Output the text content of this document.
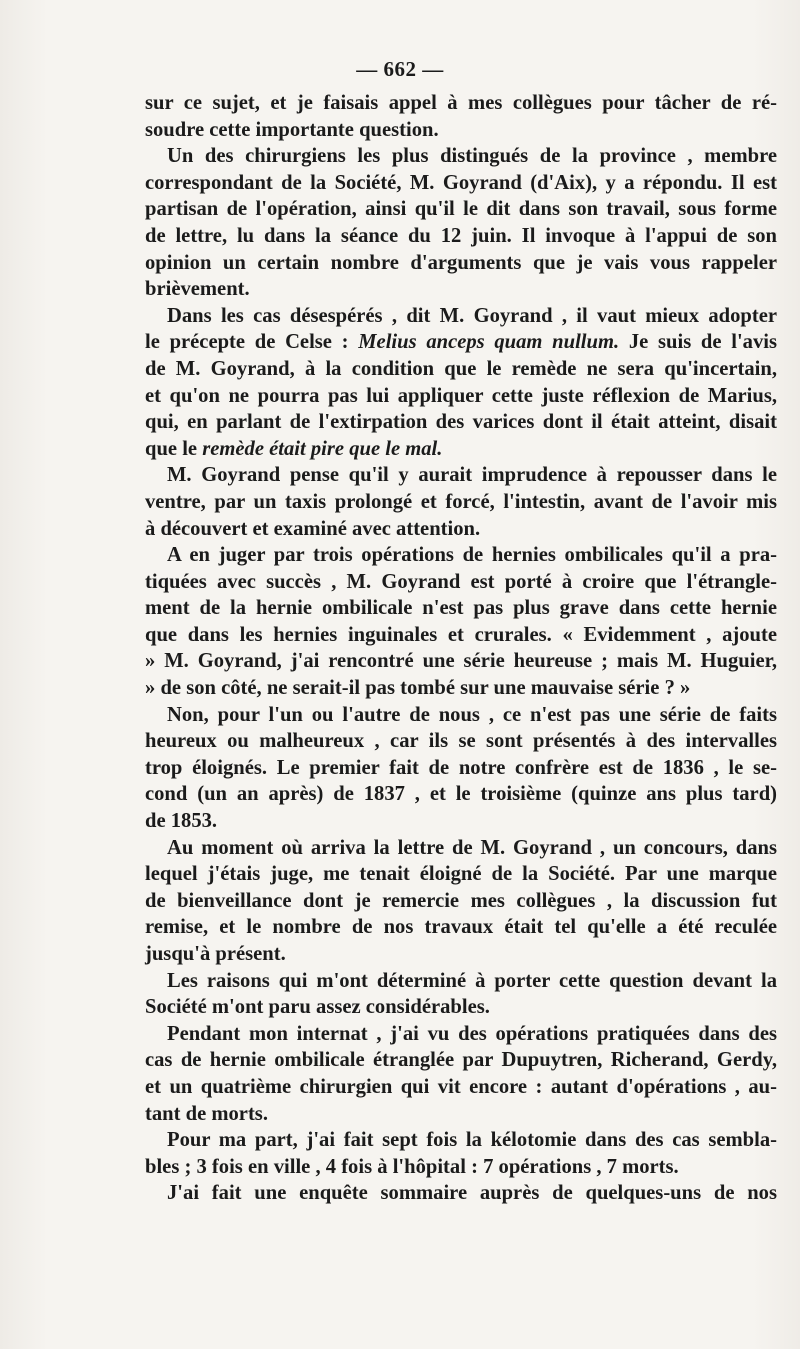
— 662 —
sur ce sujet, et je faisais appel à mes collègues pour tâcher de ré-
soudre cette importante question.
Un des chirurgiens les plus distingués de la province , membre
correspondant de la Société, M. Goyrand (d'Aix), y a répondu. Il est
partisan de l'opération, ainsi qu'il le dit dans son travail, sous forme
de lettre, lu dans la séance du 12 juin. Il invoque à l'appui de son
opinion un certain nombre d'arguments que je vais vous rappeler
brièvement.
Dans les cas désespérés , dit M. Goyrand , il vaut mieux adopter
le précepte de Celse : Melius anceps quam nullum. Je suis de l'avis
de M. Goyrand, à la condition que le remède ne sera qu'incertain,
et qu'on ne pourra pas lui appliquer cette juste réflexion de Marius,
qui, en parlant de l'extirpation des varices dont il était atteint, disait
que le remède était pire que le mal.
M. Goyrand pense qu'il y aurait imprudence à repousser dans le
ventre, par un taxis prolongé et forcé, l'intestin, avant de l'avoir mis
à découvert et examiné avec attention.
A en juger par trois opérations de hernies ombilicales qu'il a pra-
tiquées avec succès , M. Goyrand est porté à croire que l'étrangle-
ment de la hernie ombilicale n'est pas plus grave dans cette hernie
que dans les hernies inguinales et crurales. « Evidemment , ajoute
» M. Goyrand, j'ai rencontré une série heureuse ; mais M. Huguier,
» de son côté, ne serait-il pas tombé sur une mauvaise série ? »
Non, pour l'un ou l'autre de nous , ce n'est pas une série de faits
heureux ou malheureux , car ils se sont présentés à des intervalles
trop éloignés. Le premier fait de notre confrère est de 1836 , le se-
cond (un an après) de 1837 , et le troisième (quinze ans plus tard)
de 1853.
Au moment où arriva la lettre de M. Goyrand , un concours, dans
lequel j'étais juge, me tenait éloigné de la Société. Par une marque
de bienveillance dont je remercie mes collègues , la discussion fut
remise, et le nombre de nos travaux était tel qu'elle a été reculée
jusqu'à présent.
Les raisons qui m'ont déterminé à porter cette question devant la
Société m'ont paru assez considérables.
Pendant mon internat , j'ai vu des opérations pratiquées dans des
cas de hernie ombilicale étranglée par Dupuytren, Richerand, Gerdy,
et un quatrième chirurgien qui vit encore : autant d'opérations , au-
tant de morts.
Pour ma part, j'ai fait sept fois la kélotomie dans des cas sembla-
bles ; 3 fois en ville , 4 fois à l'hôpital : 7 opérations , 7 morts.
J'ai fait une enquête sommaire auprès de quelques-uns de nos
